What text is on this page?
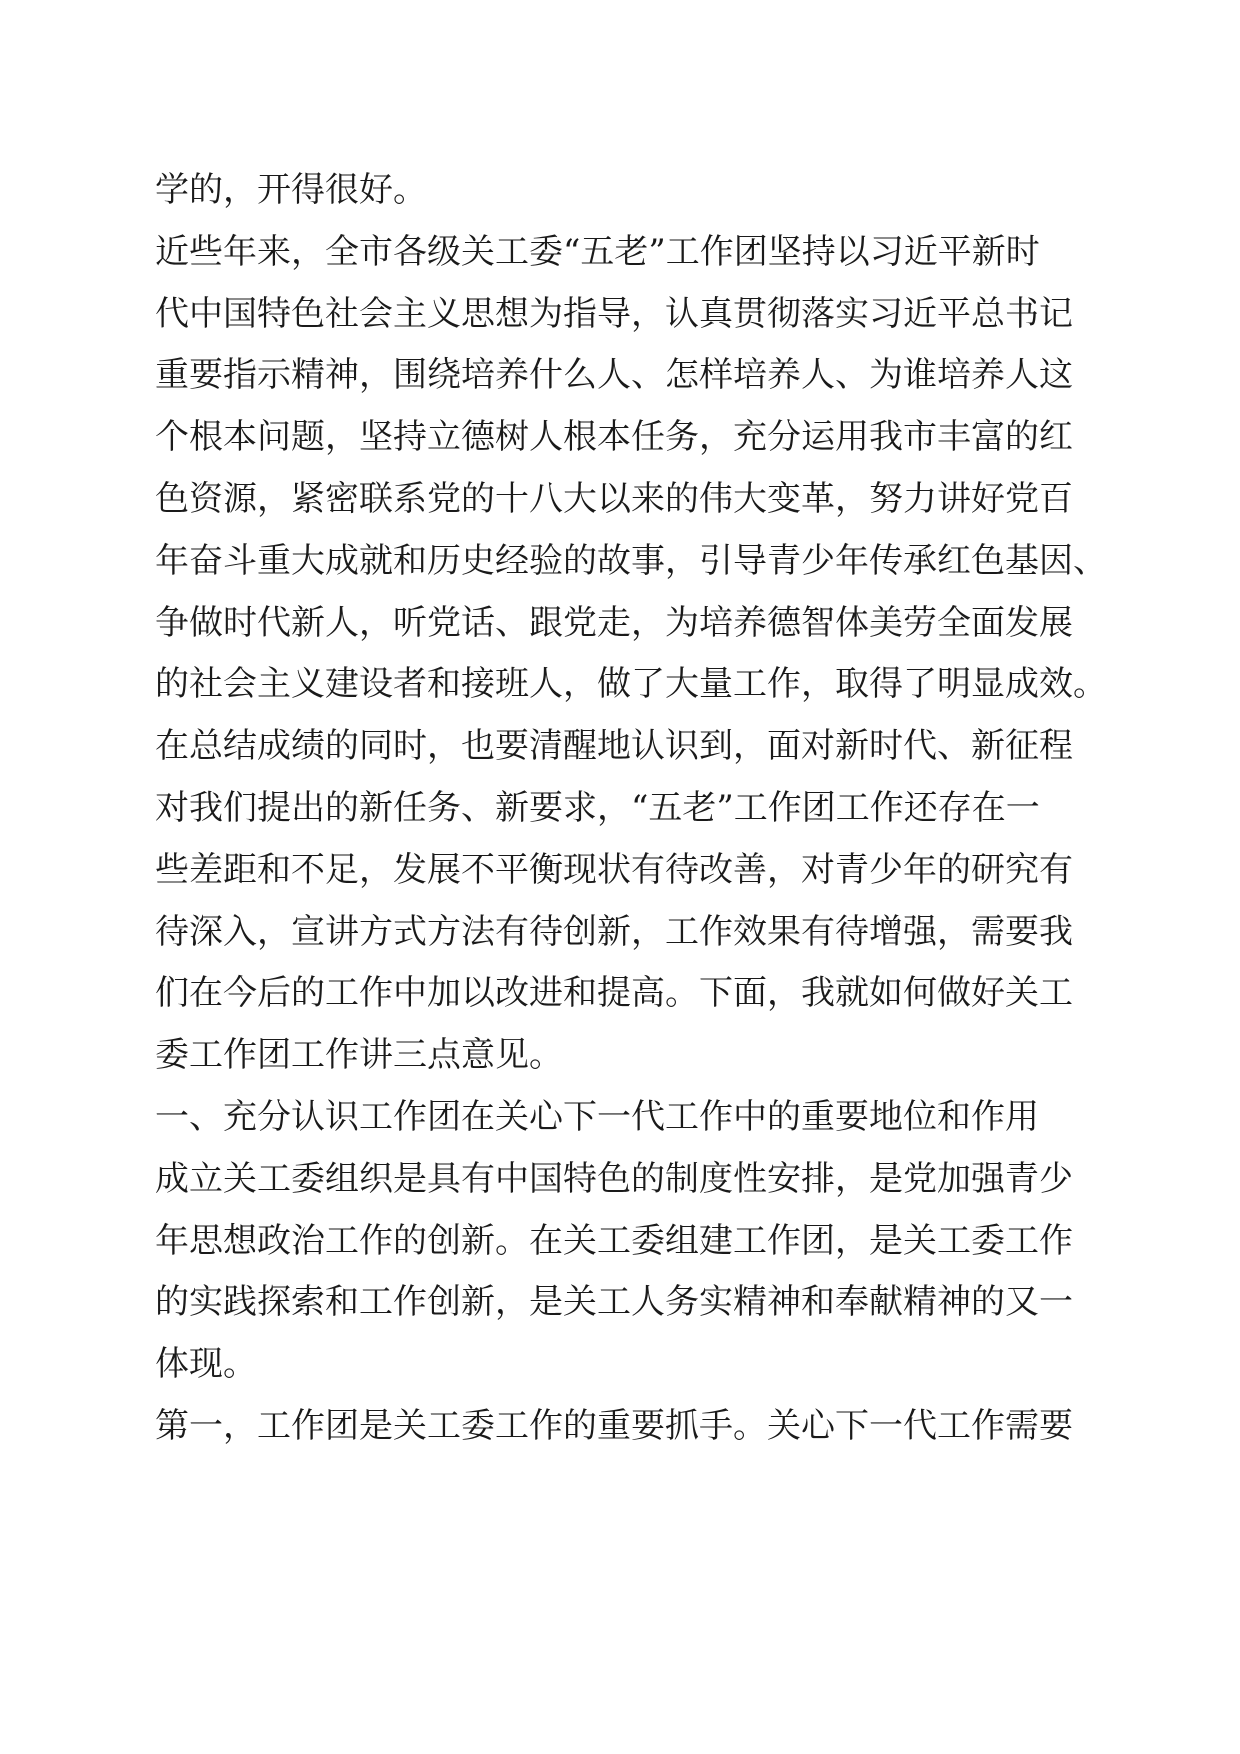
学的，开得很好。
近些年来，全市各级关工委“五老”工作团坚持以习近平新时
代中国特色社会主义思想为指导，认真贯彻落实习近平总书记
重要指示精神，围绕培养什么人、怎样培养人、为谁培养人这
个根本问题，坚持立德树人根本任务，充分运用我市丰富的红
色资源，紧密联系党的十八大以来的伟大变革，努力讲好党百
年奋斗重大成就和历史经验的故事，引导青少年传承红色基因、
争做时代新人，听党话、跟党走，为培养德智体美劳全面发展
的社会主义建设者和接班人，做了大量工作，取得了明显成效。
在总结成绩的同时，也要清醒地认识到，面对新时代、新征程
对我们提出的新任务、新要求，“五老”工作团工作还存在一
些差距和不足，发展不平衡现状有待改善，对青少年的研究有
待深入，宣讲方式方法有待创新，工作效果有待增强，需要我
们在今后的工作中加以改进和提高。下面，我就如何做好关工
委工作团工作讲三点意见。
一、充分认识工作团在关心下一代工作中的重要地位和作用
成立关工委组织是具有中国特色的制度性安排，是党加强青少
年思想政治工作的创新。在关工委组建工作团，是关工委工作
的实践探索和工作创新，是关工人务实精神和奉献精神的又一
体现。
第一，工作团是关工委工作的重要抓手。关心下一代工作需要
